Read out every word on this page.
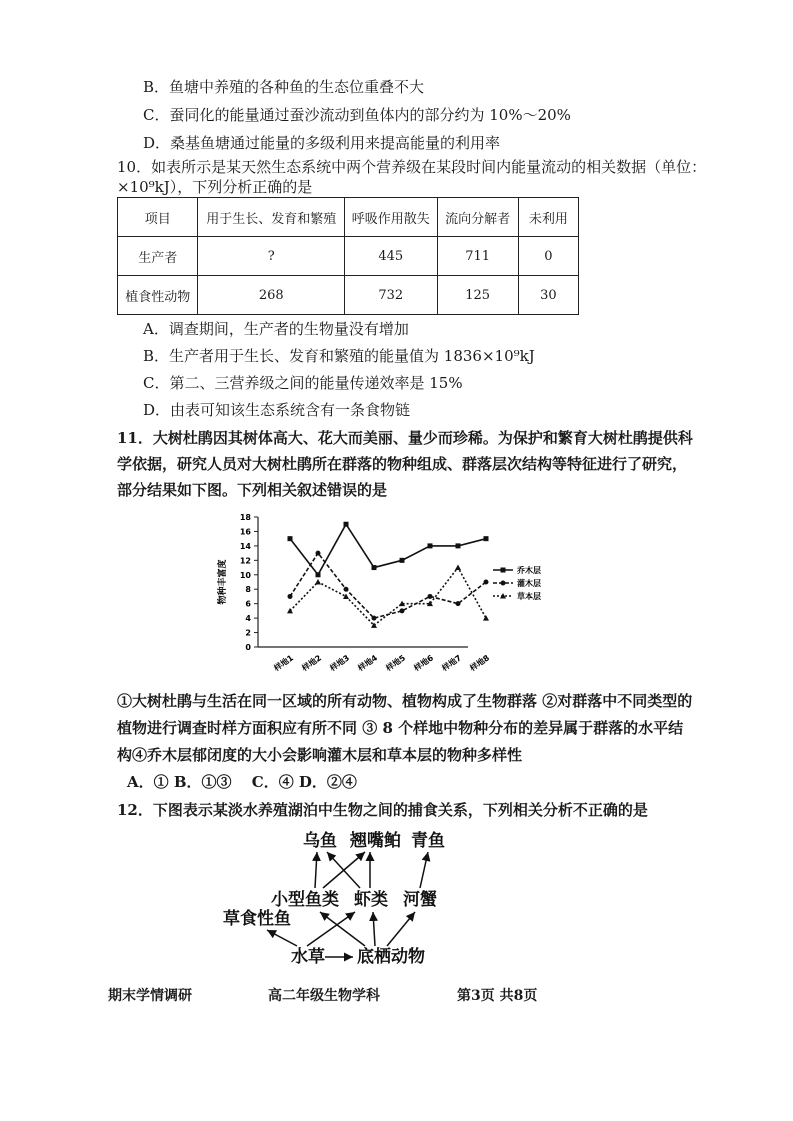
B．鱼塘中养殖的各种鱼的生态位重叠不大
C．蚕同化的能量通过蚕沙流动到鱼体内的部分约为 10%～20%
D．桑基鱼塘通过能量的多级利用来提高能量的利用率
10．如表所示是某天然生态系统中两个营养级在某段时间内能量流动的相关数据（单位：
×10⁹kJ），下列分析正确的是
项目	用于生长、发育和繁殖	呼吸作用散失	流向分解者	未利用
生产者	?	445	711	0
植食性动物	268	732	125	30
A．调查期间，生产者的生物量没有增加
B．生产者用于生长、发育和繁殖的能量值为 1836×10⁹kJ
C．第二、三营养级之间的能量传递效率是 15%
D．由表可知该生态系统含有一条食物链
11．大树杜鹃因其树体高大、花大而美丽、量少而珍稀。为保护和繁育大树杜鹃提供科
学依据，研究人员对大树杜鹃所在群落的物种组成、群落层次结构等特征进行了研究，
部分结果如下图。下列相关叙述错误的是
物种丰富度
0
2
4
6
8
10
12
14
16
18
样地1 样地2 样地3 样地4 样地5 样地6 样地7 样地8
乔木层
灌木层
草本层
①大树杜鹃与生活在同一区域的所有动物、植物构成了生物群落 ②对群落中不同类型的
植物进行调查时样方面积应有所不同 ③ 8 个样地中物种分布的差异属于群落的水平结
构④乔木层郁闭度的大小会影响灌木层和草本层的物种多样性
A．① B．①③　 C．④ D．②④
12．下图表示某淡水养殖湖泊中生物之间的捕食关系，下列相关分析不正确的是
乌鱼 翘嘴鲌 青鱼
小型鱼类 虾类 河蟹
草食性鱼
水草 底栖动物
期末学情调研	高二年级生物学科	第3页 共8页
